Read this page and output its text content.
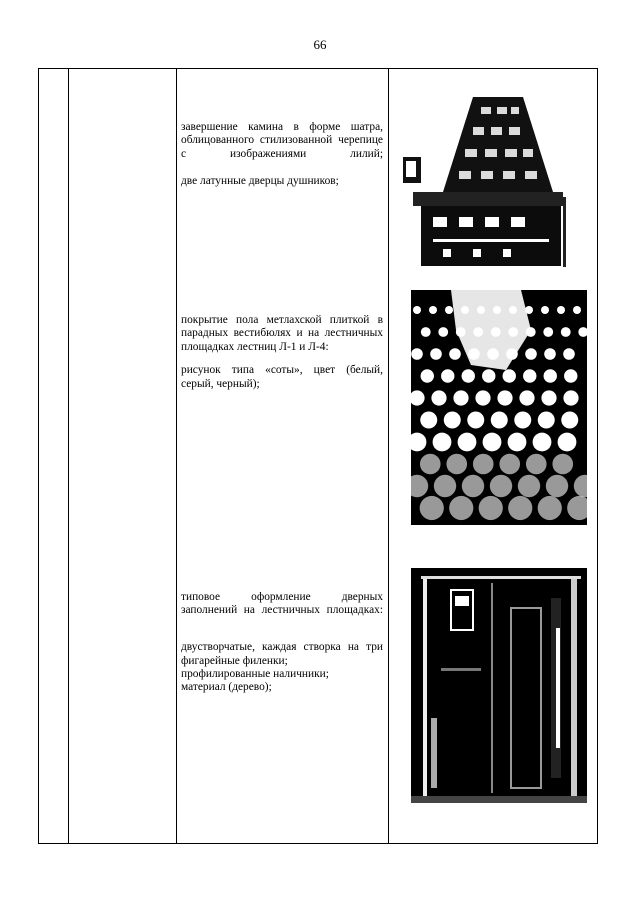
66

завершение камина в форме шатра, облицованного стилизованной черепице с изображениями лилий;

две латунные дверцы душников;

покрытие пола метлахской плиткой в парадных вестибюлях и на лестничных площадках лестниц Л-1 и Л-4:

рисунок типа «соты», цвет (белый, серый, черный);

типовое оформление дверных заполнений на лестничных площадках:

двустворчатые, каждая створка на три фигарейные филенки;

профилированные наличники;

материал (дерево);
